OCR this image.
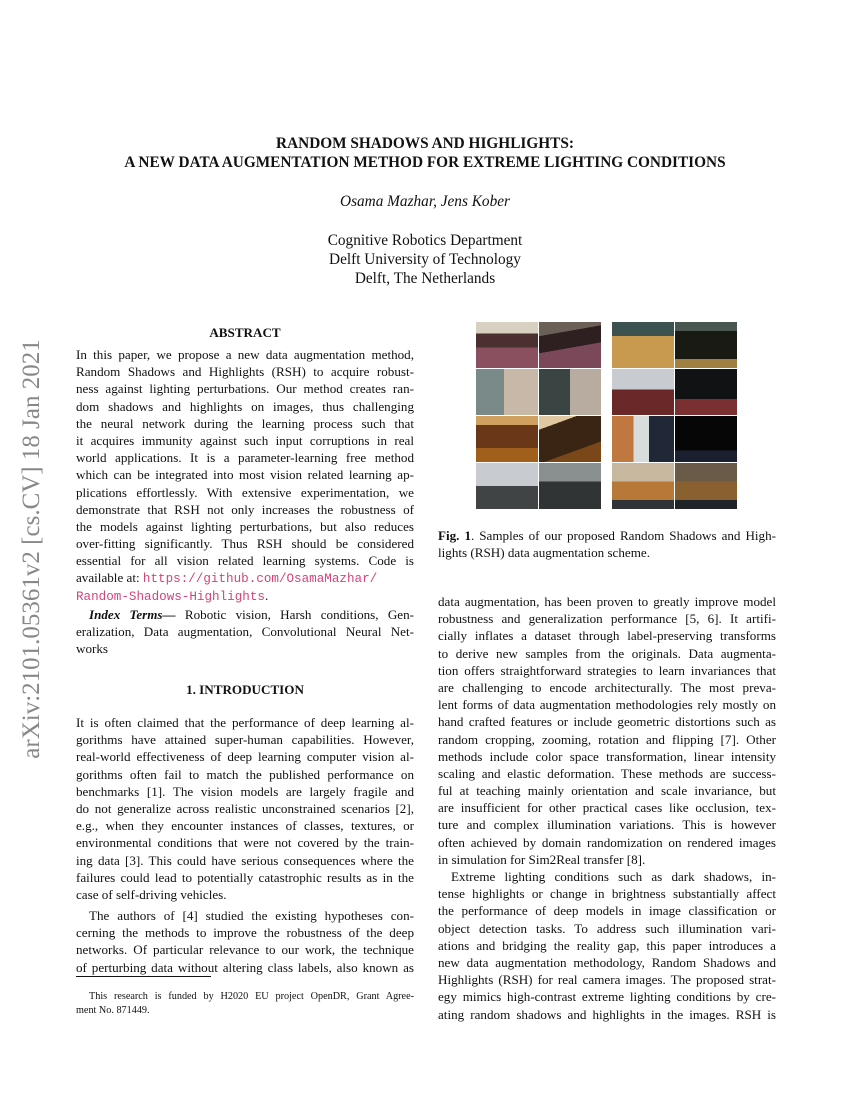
arXiv:2101.05361v2 [cs.CV] 18 Jan 2021
RANDOM SHADOWS AND HIGHLIGHTS:
A NEW DATA AUGMENTATION METHOD FOR EXTREME LIGHTING CONDITIONS
Osama Mazhar, Jens Kober
Cognitive Robotics Department
Delft University of Technology
Delft, The Netherlands
ABSTRACT
In this paper, we propose a new data augmentation method,
Random Shadows and Highlights (RSH) to acquire robust-
ness against lighting perturbations. Our method creates ran-
dom shadows and highlights on images, thus challenging
the neural network during the learning process such that
it acquires immunity against such input corruptions in real
world applications. It is a parameter-learning free method
which can be integrated into most vision related learning ap-
plications effortlessly. With extensive experimentation, we
demonstrate that RSH not only increases the robustness of
the models against lighting perturbations, but also reduces
over-fitting significantly. Thus RSH should be considered
essential for all vision related learning systems. Code is
available at: https://github.com/OsamaMazhar/
Random-Shadows-Highlights.
Index Terms— Robotic vision, Harsh conditions, Gen-
eralization, Data augmentation, Convolutional Neural Net-
works
1. INTRODUCTION
It is often claimed that the performance of deep learning al-
gorithms have attained super-human capabilities. However,
real-world effectiveness of deep learning computer vision al-
gorithms often fail to match the published performance on
benchmarks [1]. The vision models are largely fragile and
do not generalize across realistic unconstrained scenarios [2],
e.g., when they encounter instances of classes, textures, or
environmental conditions that were not covered by the train-
ing data [3]. This could have serious consequences where the
failures could lead to potentially catastrophic results as in the
case of self-driving vehicles.
The authors of [4] studied the existing hypotheses con-
cerning the methods to improve the robustness of the deep
networks. Of particular relevance to our work, the technique
of perturbing data without altering class labels, also known as
This research is funded by H2020 EU project OpenDR, Grant Agree-
ment No. 871449.
Fig. 1. Samples of our proposed Random Shadows and High-
lights (RSH) data augmentation scheme.
data augmentation, has been proven to greatly improve model
robustness and generalization performance [5, 6]. It artifi-
cially inflates a dataset through label-preserving transforms
to derive new samples from the originals. Data augmenta-
tion offers straightforward strategies to learn invariances that
are challenging to encode architecturally. The most preva-
lent forms of data augmentation methodologies rely mostly on
hand crafted features or include geometric distortions such as
random cropping, zooming, rotation and flipping [7]. Other
methods include color space transformation, linear intensity
scaling and elastic deformation. These methods are success-
ful at teaching mainly orientation and scale invariance, but
are insufficient for other practical cases like occlusion, tex-
ture and complex illumination variations. This is however
often achieved by domain randomization on rendered images
in simulation for Sim2Real transfer [8].
Extreme lighting conditions such as dark shadows, in-
tense highlights or change in brightness substantially affect
the performance of deep models in image classification or
object detection tasks. To address such illumination vari-
ations and bridging the reality gap, this paper introduces a
new data augmentation methodology, Random Shadows and
Highlights (RSH) for real camera images. The proposed strat-
egy mimics high-contrast extreme lighting conditions by cre-
ating random shadows and highlights in the images. RSH is
